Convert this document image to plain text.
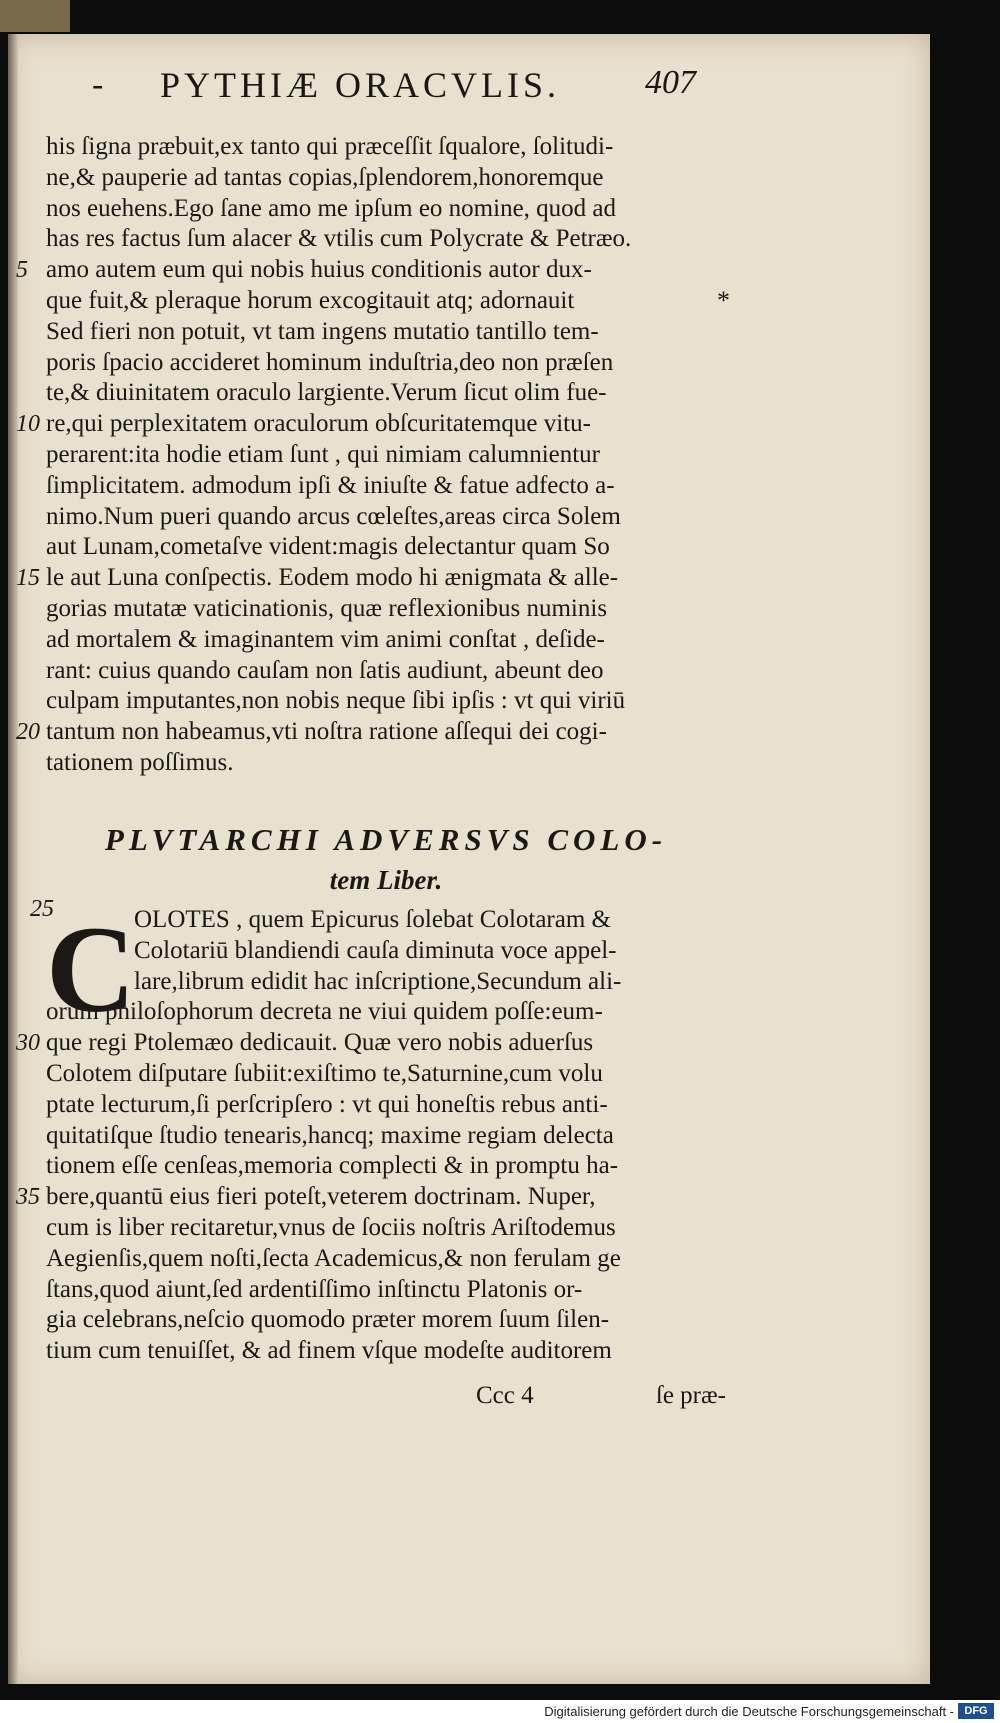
- PYTHIÆ ORACVLIS. 407
his ſigna præbuit,ex tanto qui præceſſit ſqualore, ſolitudi-
ne,& pauperie ad tantas copias,ſplendorem,honoremque
nos euehens.Ego ſane amo me ipſum eo nomine, quod ad
has res factus ſum alacer & vtilis cum Polycrate & Petræo.
5 amo autem eum qui nobis huius conditionis autor dux-
que fuit,& pleraque horum excogitauit atq; adornauit	*
Sed fieri non potuit, vt tam ingens mutatio tantillo tem-
poris ſpacio accideret hominum induſtria,deo non præſen
te,& diuinitatem oraculo largiente.Verum ſicut olim fue-
10 re,qui perplexitatem oraculorum obſcuritatemque vitu-
perarent:ita hodie etiam ſunt , qui nimiam calumnientur
ſimplicitatem. admodum ipſi & iniuſte & fatue adfecto a-
nimo.Num pueri quando arcus cœleſtes,areas circa Solem
aut Lunam,cometaſve vident:magis delectantur quam So
15 le aut Luna conſpectis. Eodem modo hi ænigmata & alle-
gorias mutatæ vaticinationis, quæ reflexionibus numinis
ad mortalem & imaginantem vim animi conſtat , deſide-
rant: cuius quando cauſam non ſatis audiunt, abeunt deo
culpam imputantes,non nobis neque ſibi ipſis : vt qui viriū
20 tantum non habeamus,vti noſtra ratione aſſequi dei cogi-
tationem poſſimus.
PLVTARCHI ADVERSVS COLO-
tem Liber.
25
C
OLOTES , quem Epicurus ſolebat Colotaram &
Colotariū blandiendi cauſa diminuta voce appel-
lare,librum edidit hac inſcriptione,Secundum ali-
orum philoſophorum decreta ne viui quidem poſſe:eum-
30 que regi Ptolemæo dedicauit. Quæ vero nobis aduerſus
Colotem diſputare ſubiit:exiſtimo te,Saturnine,cum volu
ptate lecturum,ſi perſcripſero : vt qui honeſtis rebus anti-
quitatiſque ſtudio tenearis,hancq; maxime regiam delecta
tionem eſſe cenſeas,memoria complecti & in promptu ha-
35 bere,quantū eius fieri poteſt,veterem doctrinam. Nuper,
cum is liber recitaretur,vnus de ſociis noſtris Ariſtodemus
Aegienſis,quem noſti,ſecta Academicus,& non ferulam ge
ſtans,quod aiunt,ſed ardentiſſimo inſtinctu Platonis or-
gia celebrans,neſcio quomodo præter morem ſuum ſilen-
tium cum tenuiſſet, & ad finem vſque modeſte auditorem
Ccc 4	ſe præ-
Digitalisierung gefördert durch die Deutsche Forschungsgemeinschaft - DFG
